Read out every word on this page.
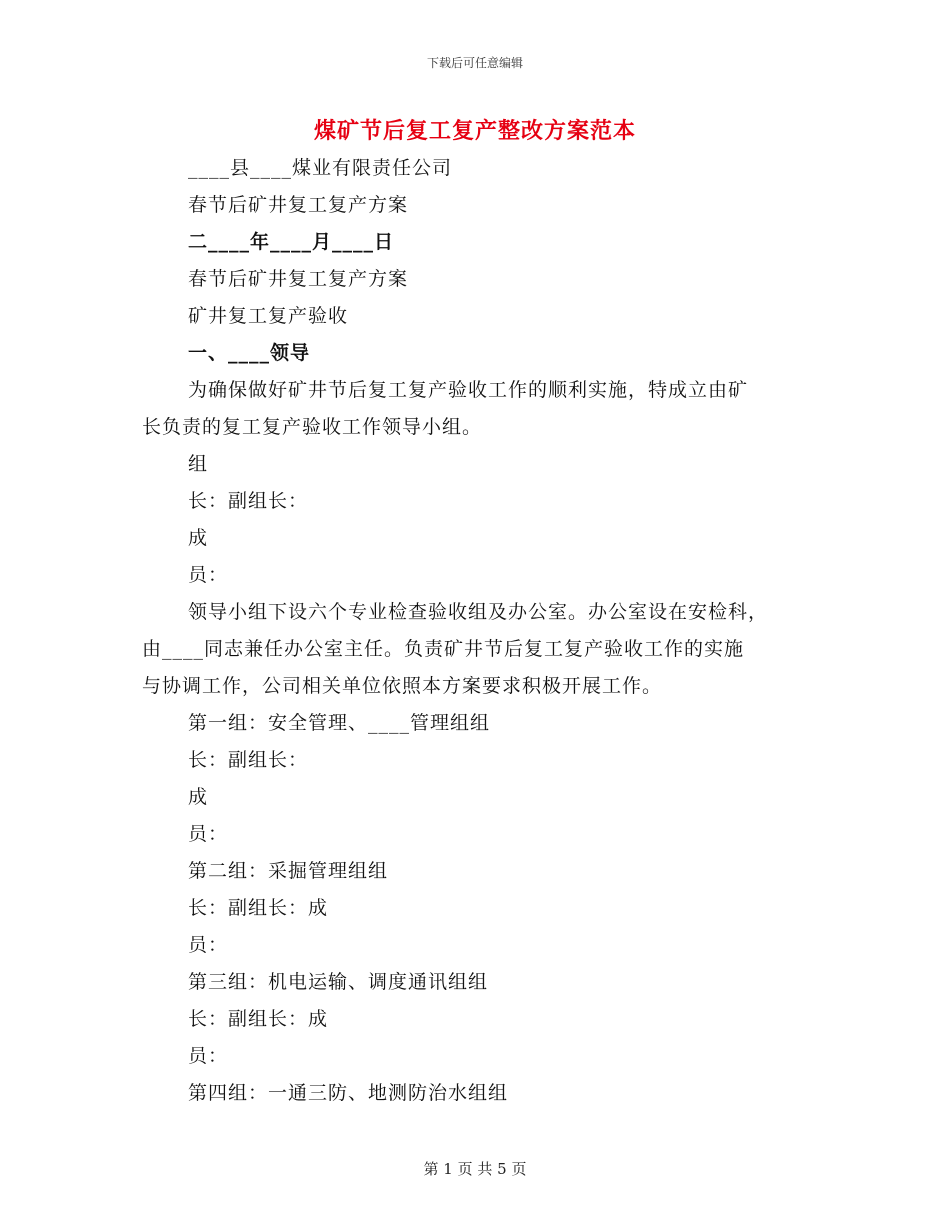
下载后可任意编辑
煤矿节后复工复产整改方案范本
____县____煤业有限责任公司
春节后矿井复工复产方案
二____年____月____日
春节后矿井复工复产方案
矿井复工复产验收
一、____领导
为确保做好矿井节后复工复产验收工作的顺利实施，特成立由矿
长负责的复工复产验收工作领导小组。
组
长：副组长：
成
员：
领导小组下设六个专业检查验收组及办公室。办公室设在安检科，
由____同志兼任办公室主任。负责矿井节后复工复产验收工作的实施
与协调工作，公司相关单位依照本方案要求积极开展工作。
第一组：安全管理、____管理组组
长：副组长：
成
员：
第二组：采掘管理组组
长：副组长：成
员：
第三组：机电运输、调度通讯组组
长：副组长：成
员：
第四组：一通三防、地测防治水组组
第 1 页 共 5 页
